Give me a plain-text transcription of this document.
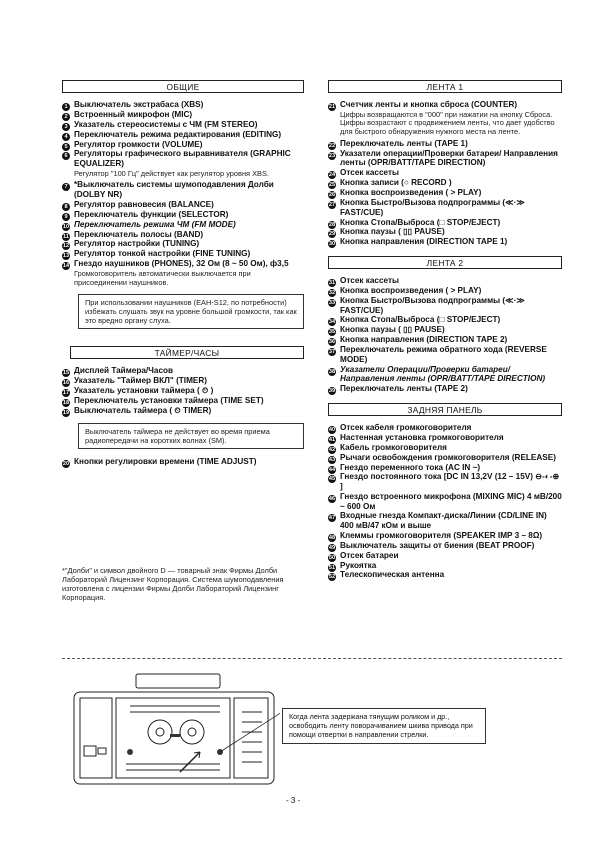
ОБЩИЕ
1 Выключатель экстрабаса (XBS)
2 Встроенный микрофон (MIC)
3 Указатель стереосистемы с ЧМ (FM STEREO)
4 Переключатель режима редактирования (EDITING)
5 Регулятор громкости (VOLUME)
6 Регуляторы графического выравнивателя (GRAPHIC EQUALIZER)
Регулятор "100 Гц" действует как регулятор уровня XBS.
7 *Выключатель системы шумоподавления Долби (DOLBY NR)
8 Регулятор равновесия (BALANCE)
9 Переключатель функции (SELECTOR)
10 Переключатель режима ЧМ (FM MODE)
11 Переключатель полосы (BAND)
12 Регулятор настройки (TUNING)
13 Регулятор тонкой настройки (FINE TUNING)
14 Гнездо наушников (PHONES), 32 Ом (8 ~ 50 Ом), ф3,5
Громкоговоритель автоматически выключается при присоединении наушников.
При использовании наушников (EAH-S12, по потребности) избежать слушать звук на уровне большой громкости, так как это вредно органу слуха.
ТАЙМЕР/ЧАСЫ
15 Дисплей Таймера/Часов
16 Указатель "Таймер ВКЛ" (TIMER)
17 Указатель установки таймера ( ⏲ )
18 Переключатель установки таймера (TIME SET)
19 Выключатель таймера ( ⏲ TIMER)
Выключатель таймера не действует во время приема радиопередачи на коротких волнах (SM).
20 Кнопки регулировки времени (TIME ADJUST)
*"Долби" и символ двойного D — товарный знак Фирмы Долби Лабораторий Лицензинг Корпорация. Система шумоподавления изготовлена с лицензии Фирмы Долби Лабораторий Лицензинг Корпорация.
ЛЕНТА 1
21 Счетчик ленты и кнопка сброса (COUNTER)
Цифры возвращаются в "000" при нажатии на кнопку Сброса. Цифры возрастают с продвижением ленты, что дает удобство для быстрого обнаружения нужного места на ленте.
22 Переключатель ленты (TAPE 1)
23 Указатели операции/Проверки батареи/ Направления ленты (OPR/BATT/TAPE DIRECTION)
24 Отсек кассеты
25 Кнопка записи (○ RECORD )
26 Кнопка воспроизведения ( > PLAY)
27 Кнопка Быстро/Вызова подпрограммы (≪·≫ FAST/CUE)
28 Кнопка Стопа/Выброса (□ STOP/EJECT)
29 Кнопка паузы ( ▯▯ PAUSE)
30 Кнопка направления (DIRECTION TAPE 1)
ЛЕНТА 2
31 Отсек кассеты
32 Кнопка воспроизведения ( > PLAY)
33 Кнопка Быстро/Вызова подпрограммы (≪·≫ FAST/CUE)
34 Кнопка Стопа/Выброса (□ STOP/EJECT)
35 Кнопка паузы ( ▯▯ PAUSE)
36 Кнопка направления (DIRECTION TAPE 2)
37 Переключатель режима обратного хода (REVERSE MODE)
38 Указатели Операции/Проверки батареи/ Направления ленты (OPR/BATT/TAPE DIRECTION)
39 Переключатель ленты (TAPE 2)
ЗАДНЯЯ ПАНЕЛЬ
40 Отсек кабеля громкоговорителя
41 Настенная установка громкоговорителя
42 Кабель громкоговорителя
43 Рычаги освобождения громкоговорителя (RELEASE)
44 Гнездо переменного тока (AC IN ~)
45 Гнездо постоянного тока [DC IN 13,2V (12 – 15V) ⊖-◐-⊕ ]
46 Гнездо встроенного микрофона (MIXING MIC) 4 мВ/200 ~ 600 Ом
47 Входные гнезда Компакт-диска/Линии (CD/LINE IN) 400 мВ/47 кОм и выше
48 Клеммы громкоговорителя (SPEAKER IMP 3 – 8Ω)
49 Выключатель защиты от биения (BEAT PROOF)
50 Отсек батареи
51 Рукоятка
52 Телескопическая антенна
Когда лента задержана тянущим роликом и др., освободить ленту поворачиванием шкива привода при помощи отвертки в направлении стрелки.
- 3 -
